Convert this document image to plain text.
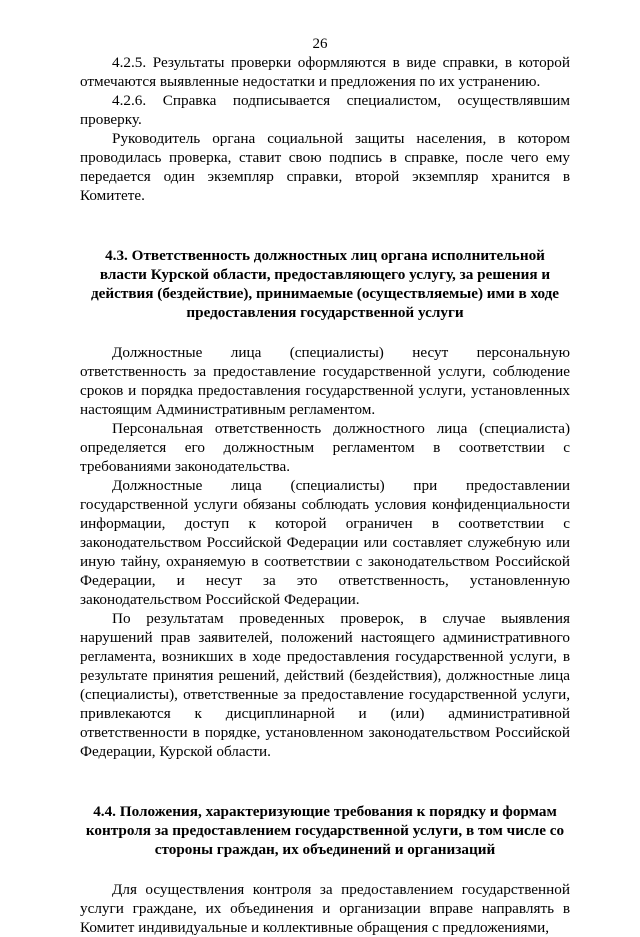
26

4.2.5. Результаты проверки оформляются в виде справки, в которой отмечаются выявленные недостатки и предложения по их устранению.

4.2.6. Справка подписывается специалистом, осуществлявшим проверку.

Руководитель органа социальной защиты населения, в котором проводилась проверка, ставит свою подпись в справке, после чего ему передается один экземпляр справки, второй экземпляр хранится в Комитете.

4.3. Ответственность должностных лиц органа исполнительной власти Курской области, предоставляющего услугу, за решения и действия (бездействие), принимаемые (осуществляемые) ими в ходе предоставления государственной услуги

Должностные лица (специалисты) несут персональную ответственность за предоставление государственной услуги, соблюдение сроков и порядка предоставления государственной услуги, установленных настоящим Административным регламентом.

Персональная ответственность должностного лица (специалиста) определяется его должностным регламентом в соответствии с требованиями законодательства.

Должностные лица (специалисты) при предоставлении государственной услуги обязаны соблюдать условия конфиденциальности информации, доступ к которой ограничен в соответствии с законодательством Российской Федерации или составляет служебную или иную тайну, охраняемую в соответствии с законодательством Российской Федерации, и несут за это ответственность, установленную законодательством Российской Федерации.

По результатам проведенных проверок, в случае выявления нарушений прав заявителей, положений настоящего административного регламента, возникших в ходе предоставления государственной услуги, в результате принятия решений, действий (бездействия), должностные лица (специалисты), ответственные за предоставление государственной услуги, привлекаются к дисциплинарной и (или) административной ответственности в порядке, установленном законодательством Российской Федерации, Курской области.

4.4. Положения, характеризующие требования к порядку и формам контроля за предоставлением государственной услуги, в том числе со стороны граждан, их объединений и организаций

Для осуществления контроля за предоставлением государственной услуги граждане, их объединения и организации вправе направлять в Комитет индивидуальные и коллективные обращения с предложениями,
